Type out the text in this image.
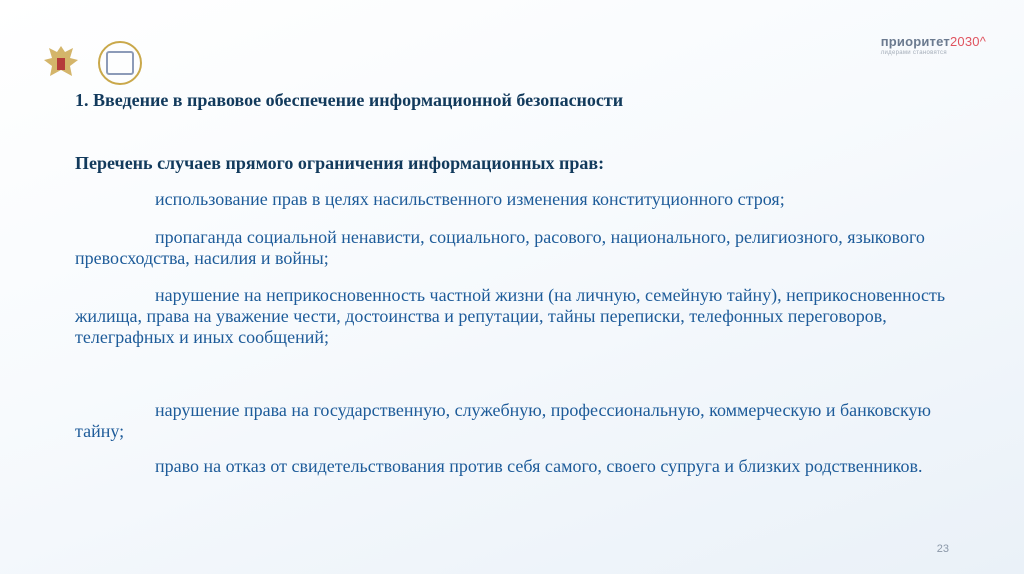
приоритет2030^
лидерами становятся
1. Введение в правовое обеспечение информационной безопасности
Перечень случаев прямого ограничения информационных прав:
использование прав в целях насильственного изменения конституционного строя;
пропаганда социальной ненависти, социального, расового, национального, религиозного, языкового превосходства, насилия и войны;
нарушение на неприкосновенность частной жизни (на личную, семейную тайну), неприкосновенность жилища, права на уважение чести, достоинства и репутации, тайны переписки, телефонных переговоров, телеграфных и иных сообщений;
нарушение права на государственную, служебную, профессиональную, коммерческую и банковскую тайну;
право на отказ от свидетельствования против себя самого, своего супруга и близких родственников.
23
